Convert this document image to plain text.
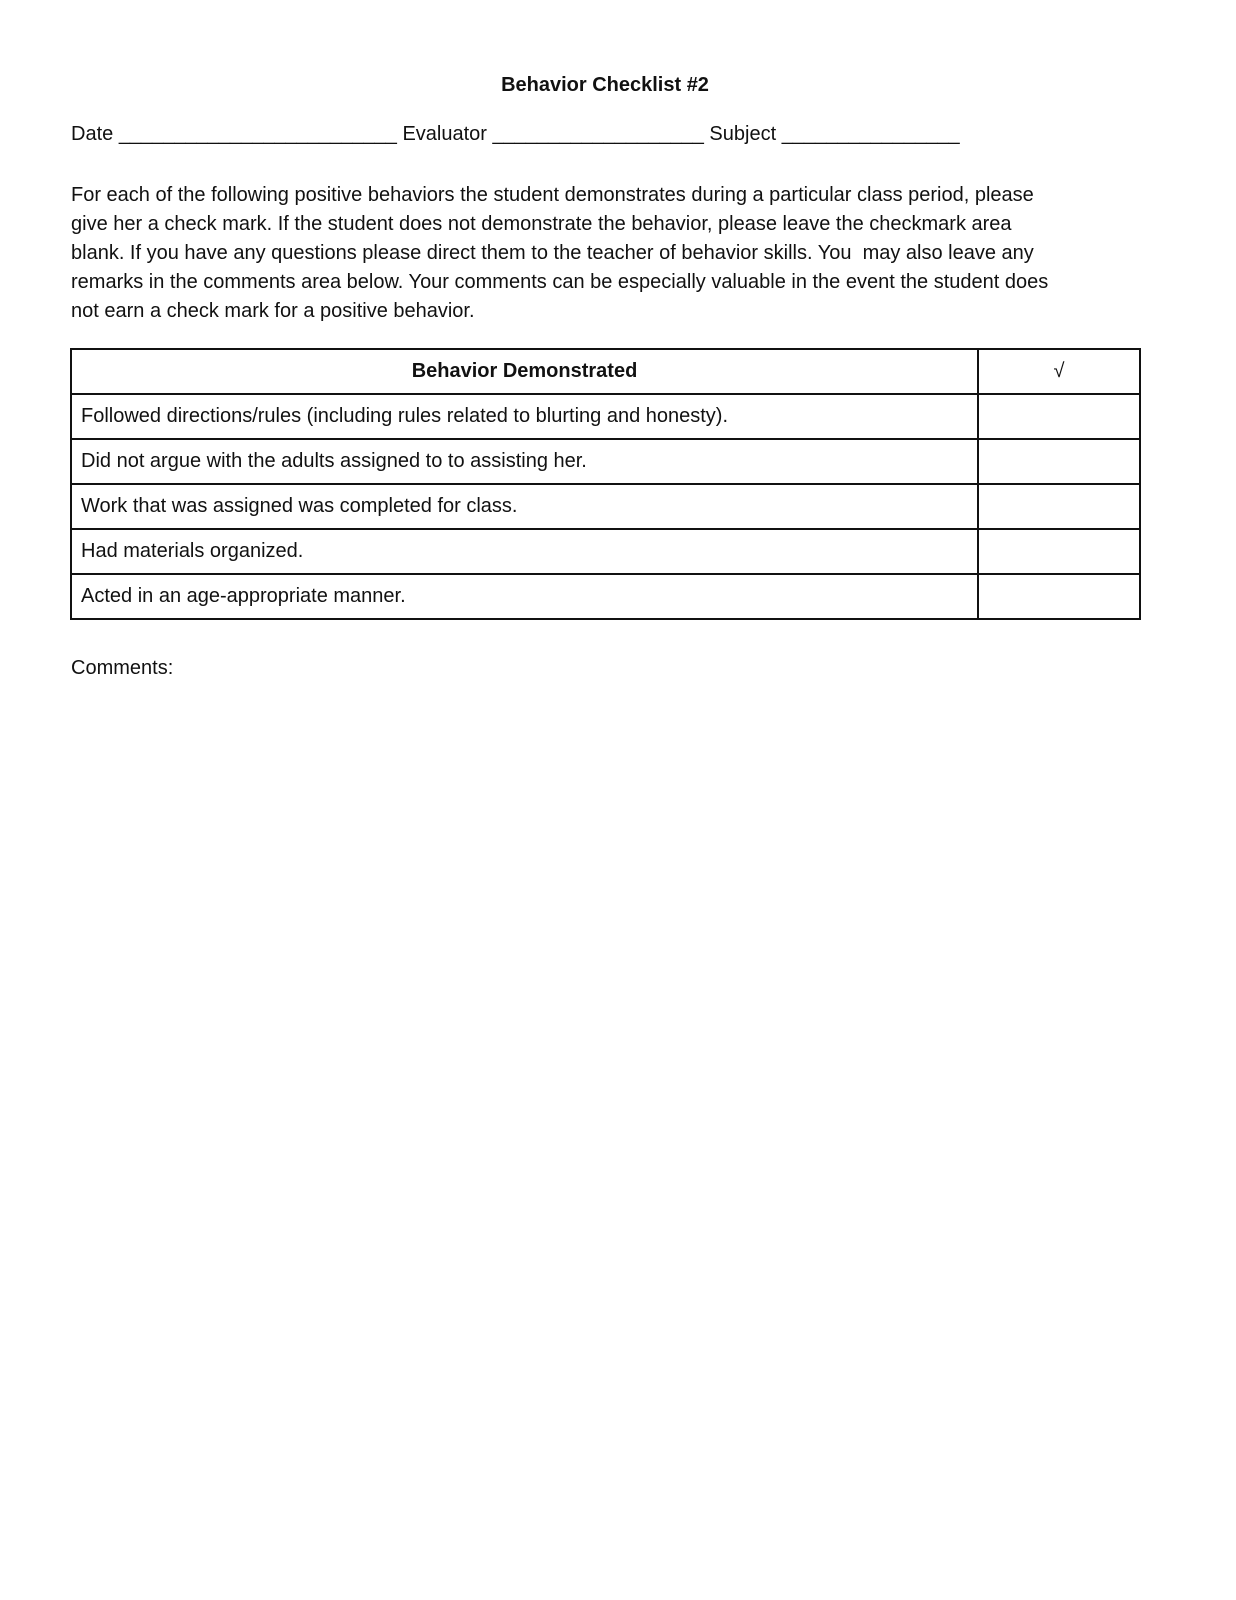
Behavior Checklist #2
Date _________________________ Evaluator ___________________ Subject ________________
For each of the following positive behaviors the student demonstrates during a particular class period, please
give her a check mark. If the student does not demonstrate the behavior, please leave the checkmark area
blank. If you have any questions please direct them to the teacher of behavior skills. You  may also leave any
remarks in the comments area below. Your comments can be especially valuable in the event the student does
not earn a check mark for a positive behavior.
Behavior Demonstrated	√
Followed directions/rules (including rules related to blurting and honesty).	
Did not argue with the adults assigned to to assisting her.	
Work that was assigned was completed for class.	
Had materials organized.	
Acted in an age-appropriate manner.	
Comments:
